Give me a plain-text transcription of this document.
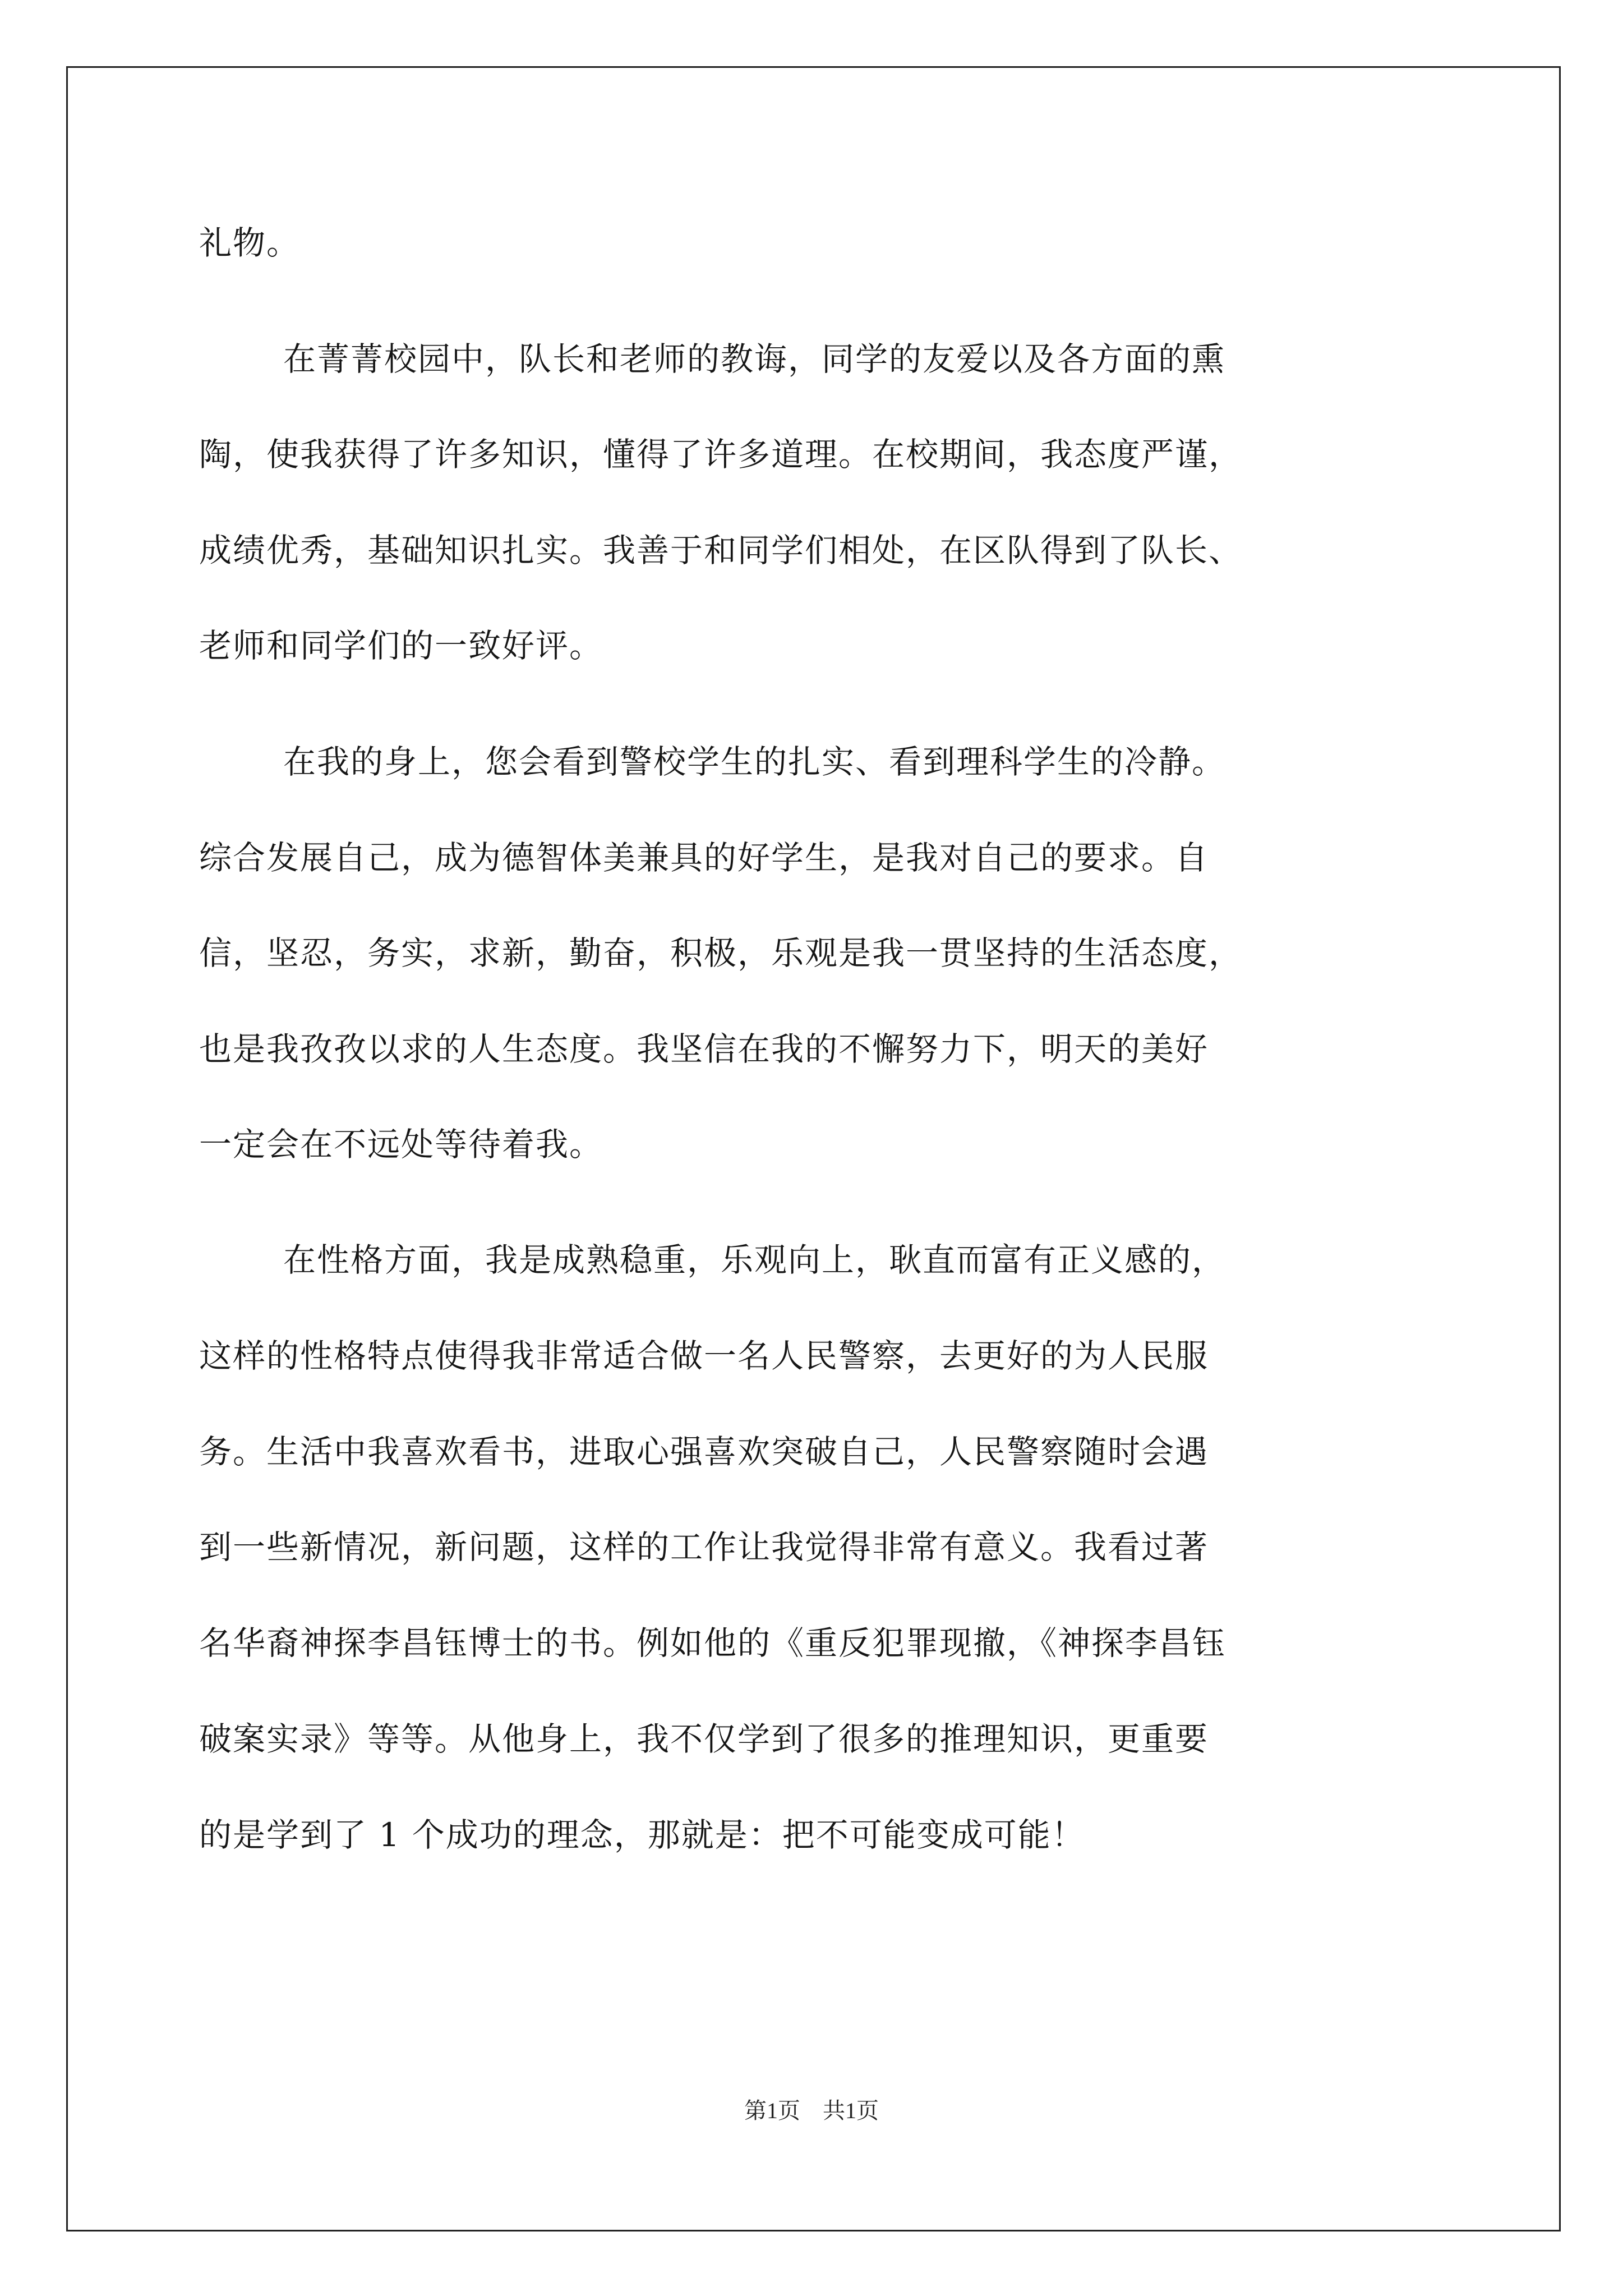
礼物。
在菁菁校园中，队长和老师的教诲，同学的友爱以及各方面的熏
陶，使我获得了许多知识，懂得了许多道理。在校期间，我态度严谨，
成绩优秀，基础知识扎实。我善于和同学们相处，在区队得到了队长、
老师和同学们的一致好评。
在我的身上，您会看到警校学生的扎实、看到理科学生的冷静。
综合发展自己，成为德智体美兼具的好学生，是我对自己的要求。自
信，坚忍，务实，求新，勤奋，积极，乐观是我一贯坚持的生活态度，
也是我孜孜以求的人生态度。我坚信在我的不懈努力下，明天的美好
一定会在不远处等待着我。
在性格方面，我是成熟稳重，乐观向上，耿直而富有正义感的，
这样的性格特点使得我非常适合做一名人民警察，去更好的为人民服
务。生活中我喜欢看书，进取心强喜欢突破自己，人民警察随时会遇
到一些新情况，新问题，这样的工作让我觉得非常有意义。我看过著
名华裔神探李昌钰博士的书。例如他的《重反犯罪现撤，《神探李昌钰
破案实录》等等。从他身上，我不仅学到了很多的推理知识，更重要
的是学到了 1 个成功的理念，那就是：把不可能变成可能！
第1页 共1页
